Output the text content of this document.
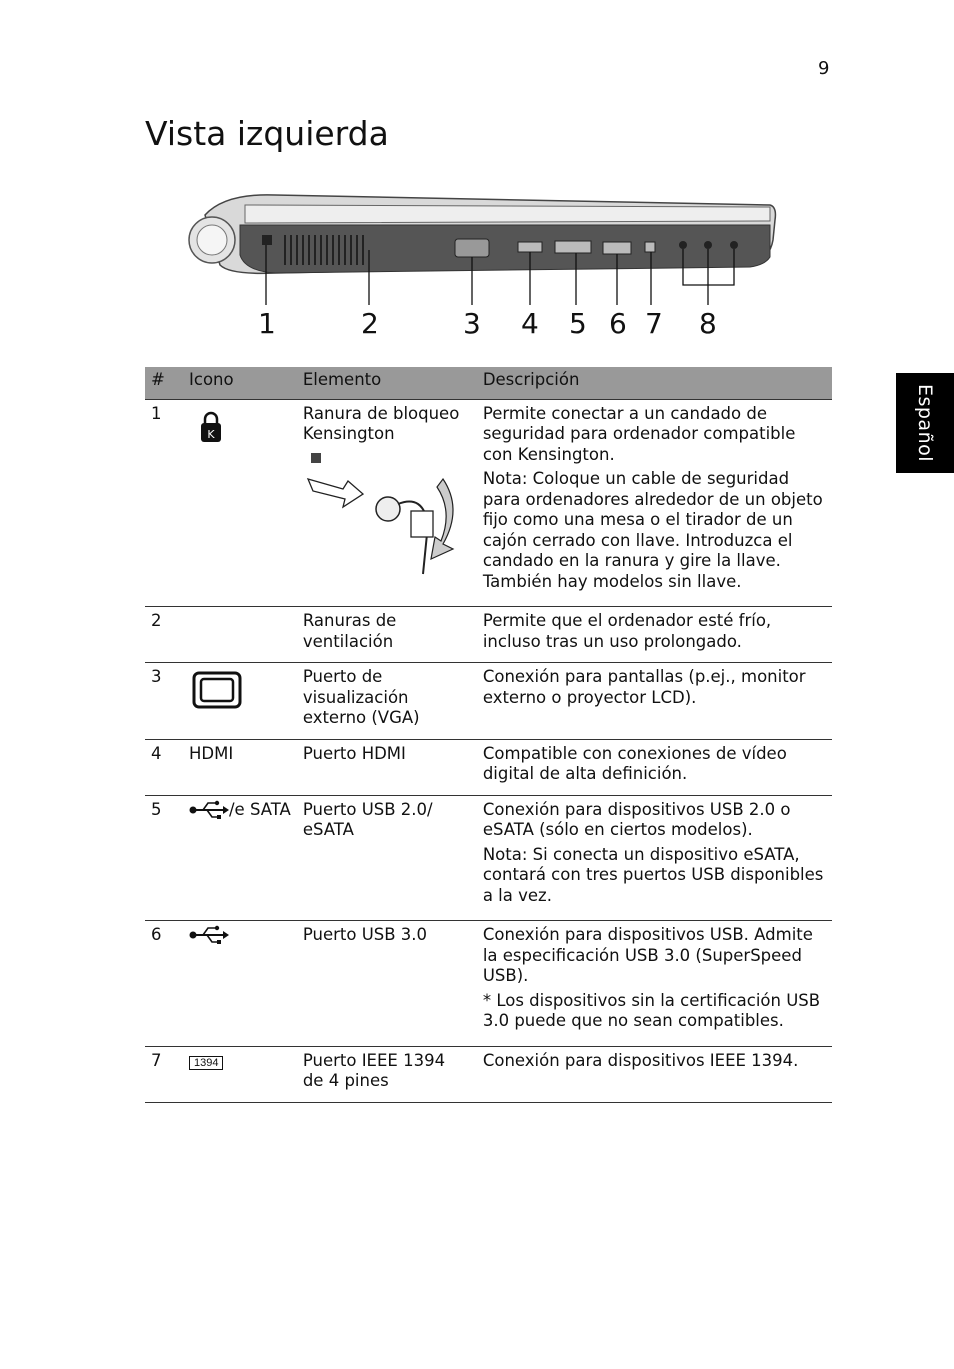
9
Vista izquierda
Español
1	2	3 4 5 6 7 8
#	Icono	Elemento	Descripción
1	K	Ranura de bloqueo Kensington	Permite conectar a un candado de seguridad para ordenador compatible con Kensington.

Nota: Coloque un cable de seguridad para ordenadores alrededor de un objeto fijo como una mesa o el tirador de un cajón cerrado con llave. Introduzca el candado en la ranura y gire la llave. También hay modelos sin llave.

2		Ranuras de ventilación	Permite que el ordenador esté frío, incluso tras un uso prolongado.
3		Puerto de visualización externo (VGA)	Conexión para pantallas (p.ej., monitor externo o proyector LCD).
4	HDMI	Puerto HDMI	Compatible con conexiones de vídeo digital de alta definición.
5	/e SATA	Puerto USB 2.0/ eSATA	Conexión para dispositivos USB 2.0 o eSATA (sólo en ciertos modelos).

Nota: Si conecta un dispositivo eSATA, contará con tres puertos USB disponibles a la vez.

6		Puerto USB 3.0	Conexión para dispositivos USB. Admite la especificación USB 3.0 (SuperSpeed USB).

* Los dispositivos sin la certificación USB 3.0 puede que no sean compatibles.

7	1394	Puerto IEEE 1394 de 4 pines	Conexión para dispositivos IEEE 1394.
